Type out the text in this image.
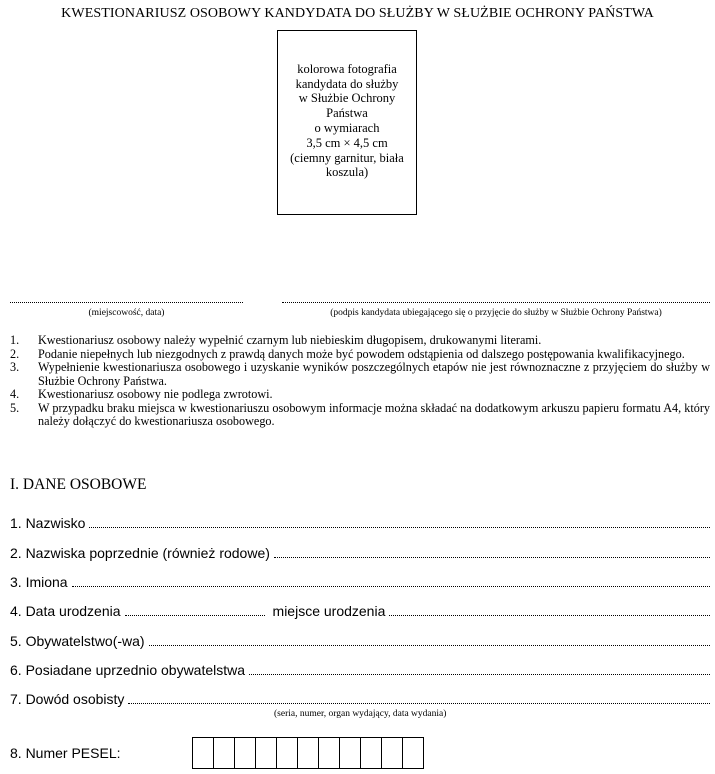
KWESTIONARIUSZ OSOBOWY KANDYDATA DO SŁUŻBY W SŁUŻBIE OCHRONY PAŃSTWA
kolorowa fotografia
kandydata do służby
w Służbie Ochrony
Państwa
o wymiarach
3,5 cm × 4,5 cm
(ciemny garnitur, biała
koszula)
(miejscowość, data)	(podpis kandydata ubiegającego się o przyjęcie do służby w Służbie Ochrony Państwa)
1.	Kwestionariusz osobowy należy wypełnić czarnym lub niebieskim długopisem, drukowanymi literami.
2.	Podanie niepełnych lub niezgodnych z prawdą danych może być powodem odstąpienia od dalszego postępowania kwalifikacyjnego.
3.	Wypełnienie kwestionariusza osobowego i uzyskanie wyników poszczególnych etapów nie jest równoznaczne z przyjęciem do służby w Służbie Ochrony Państwa.
4.	Kwestionariusz osobowy nie podlega zwrotowi.
5.	W przypadku braku miejsca w kwestionariuszu osobowym informacje można składać na dodatkowym arkuszu papieru formatu A4, który należy dołączyć do kwestionariusza osobowego.
I. DANE OSOBOWE
1. Nazwisko
2. Nazwiska poprzednie (również rodowe)
3. Imiona
4. Data urodzenia	miejsce urodzenia
5. Obywatelstwo(-wa)
6. Posiadane uprzednio obywatelstwa
7. Dowód osobisty
(seria, numer, organ wydający, data wydania)
8. Numer PESEL:
